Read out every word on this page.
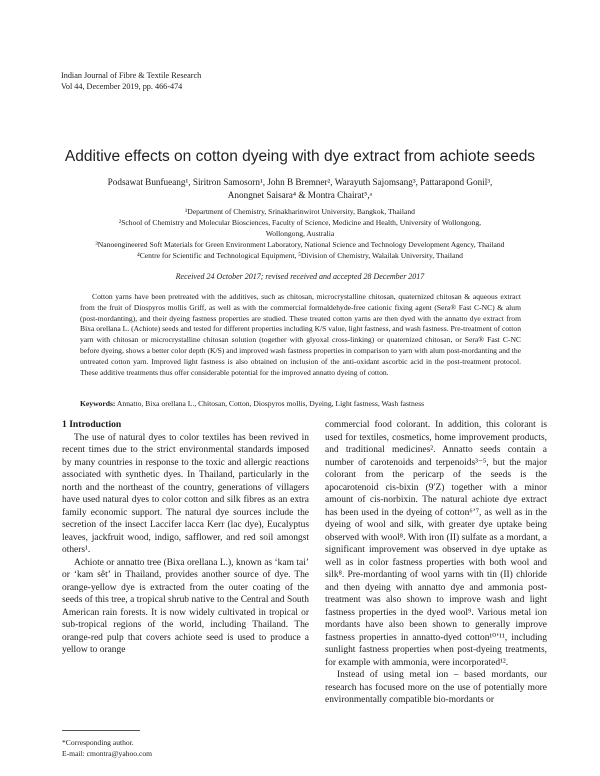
Indian Journal of Fibre & Textile Research
Vol 44, December 2019, pp. 466-474
Additive effects on cotton dyeing with dye extract from achiote seeds
Podsawat Bunfueang¹, Siritron Samosorn¹, John B Bremner², Warayuth Sajomsang³, Pattarapond Gonil³,
Anongnet Saisara⁴ & Montra Chairat⁵,ᵃ
¹Department of Chemistry, Srinakharinwirot University, Bangkok, Thailand
²School of Chemistry and Molecular Biosciences, Faculty of Science, Medicine and Health, University of Wollongong,
Wollongong, Australia
³Nanoengineered Soft Materials for Green Environment Laboratory, National Science and Technology Development Agency, Thailand
⁴Centre for Scientific and Technological Equipment, ⁵Division of Chemistry, Walailak University, Thailand
Received 24 October 2017; revised received and accepted 28 December 2017
Cotton yarns have been pretreated with the additives, such as chitosan, microcrystalline chitosan, quaternized chitosan & aqueous extract from the fruit of Diospyros mollis Griff, as well as with the commercial formaldehyde-free cationic fixing agent (Sera® Fast C-NC) & alum (post-mordanting), and their dyeing fastness properties are studied. These treated cotton yarns are then dyed with the annatto dye extract from Bixa orellana L. (Achiote) seeds and tested for different properties including K/S value, light fastness, and wash fastness. Pre-treatment of cotton yarn with chitosan or microcrystalline chitosan solution (together with glyoxal cross-linking) or quaternized chitosan, or Sera® Fast C-NC before dyeing, shows a better color depth (K/S) and improved wash fastness properties in comparison to yarn with alum post-mordanting and the untreated cotton yarn. Improved light fastness is also obtained on inclusion of the anti-oxidant ascorbic acid in the post-treatment protocol. These additive treatments thus offer considerable potential for the improved annatto dyeing of cotton.
Keywords: Annatto, Bixa orellana L., Chitosan, Cotton, Diospyros mollis, Dyeing, Light fastness, Wash fastness

1 Introduction

The use of natural dyes to color textiles has been revived in recent times due to the strict environmental standards imposed by many countries in response to the toxic and allergic reactions associated with synthetic dyes. In Thailand, particularly in the north and the northeast of the country, generations of villagers have used natural dyes to color cotton and silk fibres as an extra family economic support. The natural dye sources include the secretion of the insect Laccifer lacca Kerr (lac dye), Eucalyptus leaves, jackfruit wood, indigo, safflower, and red soil amongst others¹.

Achiote or annatto tree (Bixa orellana L.), known as ‘kam tai’ or ‘kam sêt’ in Thailand, provides another source of dye. The orange-yellow dye is extracted from the outer coating of the seeds of this tree, a tropical shrub native to the Central and South American rain forests. It is now widely cultivated in tropical or sub-tropical regions of the world, including Thailand. The orange-red pulp that covers achiote seed is used to produce a yellow to orange

commercial food colorant. In addition, this colorant is used for textiles, cosmetics, home improvement products, and traditional medicines². Annatto seeds contain a number of carotenoids and terpenoids³⁻⁵, but the major colorant from the pericarp of the seeds is the apocarotenoid cis-bixin (9′Z) together with a minor amount of cis-norbixin. The natural achiote dye extract has been used in the dyeing of cotton⁶ʼ⁷, as well as in the dyeing of wool and silk, with greater dye uptake being observed with wool⁸. With iron (II) sulfate as a mordant, a significant improvement was observed in dye uptake as well as in color fastness properties with both wool and silk⁸. Pre-mordanting of wool yarns with tin (II) chloride and then dyeing with annatto dye and ammonia post-treatment was also shown to improve wash and light fastness properties in the dyed wool⁹. Various metal ion mordants have also been shown to generally improve fastness properties in annatto-dyed cotton¹⁰ʼ¹¹, including sunlight fastness properties when post-dyeing treatments, for example with ammonia, were incorporated¹².

Instead of using metal ion – based mordants, our research has focused more on the use of potentially more environmentally compatible bio-mordants or

*Corresponding author.
E-mail: cmontra@yahoo.com
